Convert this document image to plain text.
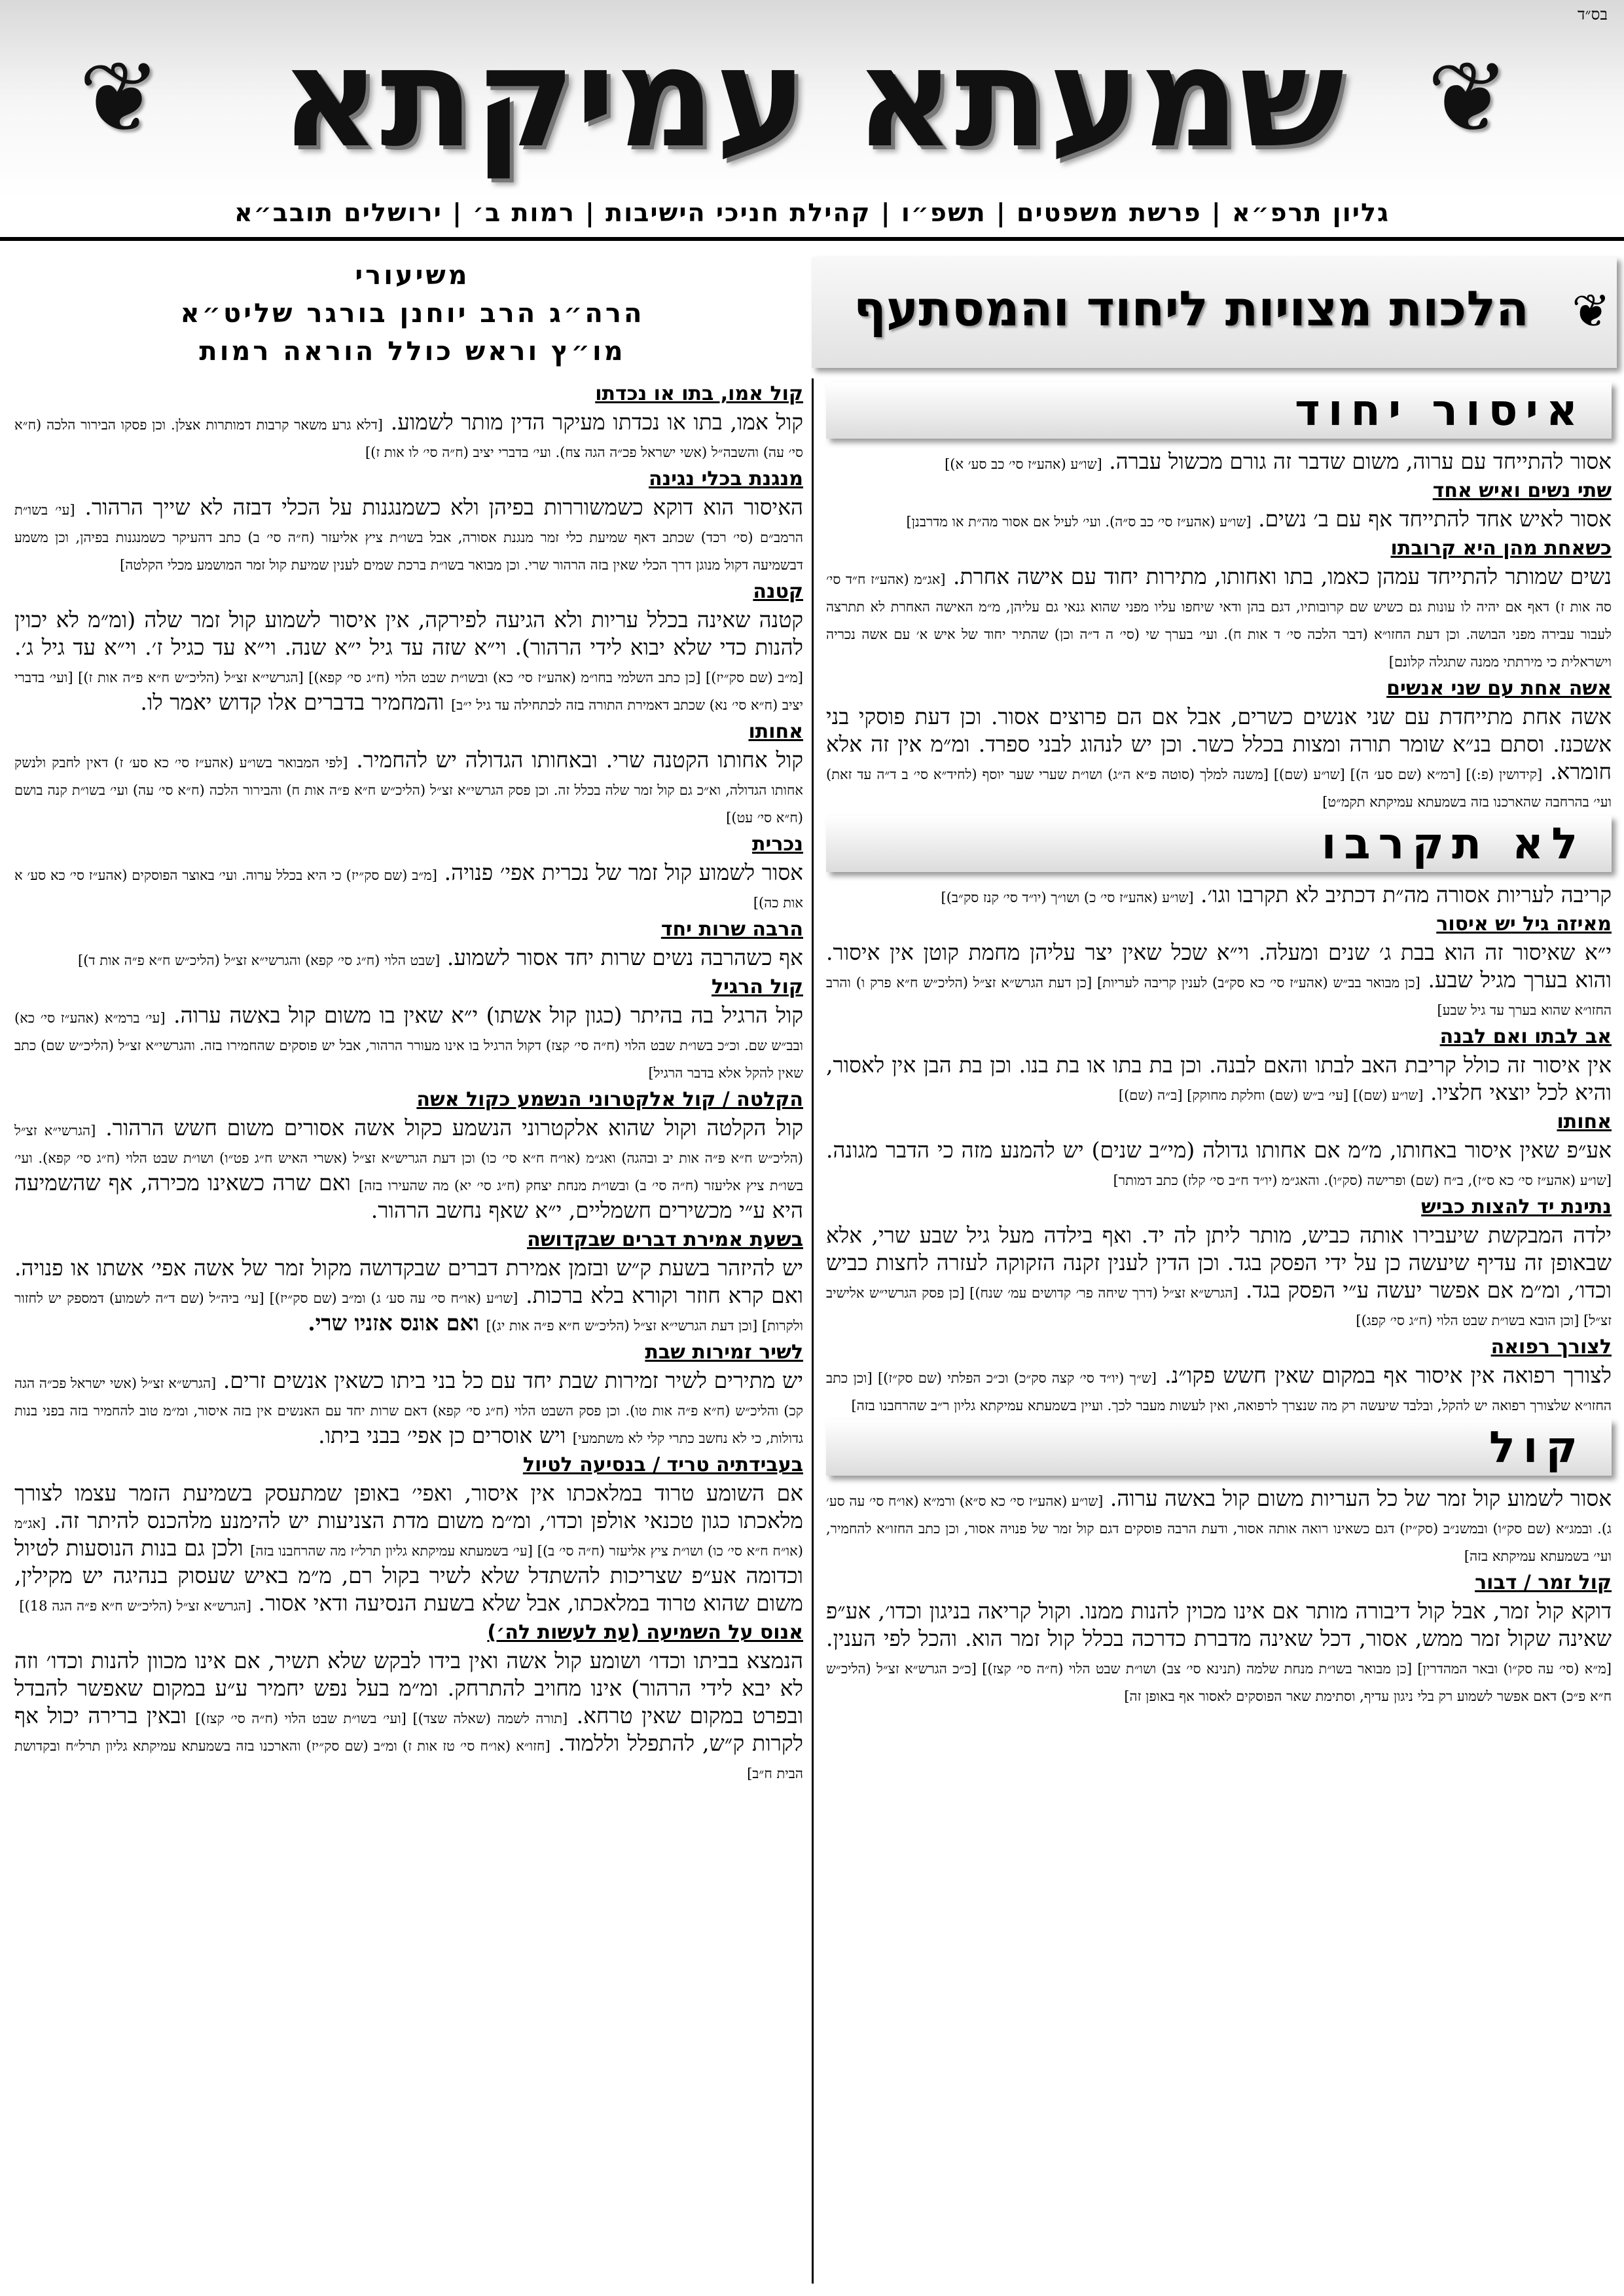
בס״ד
❦
שמעתא עמיקתא
❦
גליון תרפ״א | פרשת משפטים | תשפ״ו | קהילת חניכי הישיבות | רמות ב׳ | ירושלים תובב״א
❦
הלכות מצויות ליחוד והמסתעף
משיעורי
הרה״ג הרב יוחנן בורגר שליט״א
מו״ץ וראש כולל הוראה רמות
איסור יחוד

אסור להתייחד עם ערוה, משום שדבר זה גורם מכשול עברה. [שו״ע (אהע״ז סי׳ כב סע׳ א)]

שתי נשים ואיש אחד

אסור לאיש אחד להתייחד אף עם ב׳ נשים. [שו״ע (אהע״ז סי׳ כב ס״ה). ועי׳ לעיל אם אסור מה״ת או מדרבנן]

כשאחת מהן היא קרובתו

נשים שמותר להתייחד עמהן כאמו, בתו ואחותו, מתירות יחוד עם אישה אחרת. [אג״מ (אהע״ז ח״ד סי׳ סה אות ז) דאף אם יהיה לו עונות גם כשיש שם קרובותיו, דגם בהן ודאי שיחפו עליו מפני שהוא גנאי גם עליהן, מ״מ האישה האחרת לא תתרצה לעבור עבירה מפני הבושה. וכן דעת החזו״א (דבר הלכה סי׳ ד אות ח). ועי׳ בערך שי (סי׳ ה ד״ה וכן) שהתיר יחוד של איש א׳ עם אשה נכריה וישראלית כי מירתתי ממנה שתגלה קלונם]

אשה אחת עם שני אנשים

אשה אחת מתייחדת עם שני אנשים כשרים, אבל אם הם פרוצים אסור. וכן דעת פוסקי בני אשכנז. וסתם בנ״א שומר תורה ומצות בכלל כשר. וכן יש לנהוג לבני ספרד. ומ״מ אין זה אלא חומרא. [קידושין (פ:)] [רמ״א (שם סע׳ ה)] [שו״ע (שם)] [משנה למלך (סוטה פ״א ה״ג) ושו״ת שערי שער יוסף (לחיד״א סי׳ ב ד״ה עד זאת) ועי׳ בהרחבה שהארכנו בזה בשמעתא עמיקתא תקמ״ט]

לא תקרבו

קריבה לעריות אסורה מה״ת דכתיב לא תקרבו וגו׳. [שו״ע (אהע״ז סי׳ כ) ושו״ך (יו״ד סי׳ קנז סק״ב)]

מאיזה גיל יש איסור

י״א שאיסור זה הוא בבת ג׳ שנים ומעלה. וי״א שכל שאין יצר עליהן מחמת קוטן אין איסור. והוא בערך מגיל שבע. [כן מבואר בב״ש (אהע״ז סי׳ כא סק״ב) לענין קריבה לעריות] [כן דעת הגרש״א זצ״ל (הליכ״ש ח״א פרק ו) והרב החזו״א שהוא בערך עד גיל שבע]

אב לבתו ואם לבנה

אין איסור זה כולל קריבת האב לבתו והאם לבנה. וכן בת בתו או בת בנו. וכן בת הבן אין לאסור, והיא לכל יוצאי חלציו. [שו״ע (שם)] [עי׳ ב״ש (שם) וחלקת מחוקק] [ב״ה (שם)]

אחותו

אע״פ שאין איסור באחותו, מ״מ אם אחותו גדולה (מי״ב שנים) יש להמנע מזה כי הדבר מגונה. [שו״ע (אהע״ז סי׳ כא ס״ז), ב״ח (שם) ופרישה (סק״ו). והאג״מ (יו״ד ח״ב סי׳ קלז) כתב דמותר]

נתינת יד להצות כביש

ילדה המבקשת שיעבירו אותה כביש, מותר ליתן לה יד. ואף בילדה מעל גיל שבע שרי, אלא שבאופן זה עדיף שיעשה כן על ידי הפסק בגד. וכן הדין לענין זקנה הזקוקה לעזרה לחצות כביש וכדו׳, ומ״מ אם אפשר יעשה ע״י הפסק בגד. [הגרש״א זצ״ל (דרך שיחה פר׳ קדושים עמ׳ שנח)] [כן פסק הגרשי״ש אלישיב זצ״ל] [וכן הובא בשו״ת שבט הלוי (ח״ג סי׳ קפג)]

לצורך רפואה

לצורך רפואה אין איסור אף במקום שאין חשש פקו״נ. [ש״ך (יו״ד סי׳ קצה סק״כ) וכ״כ הפלתי (שם סק״ז)] [וכן כתב החזו״א שלצורך רפואה יש להקל, ובלבד שיעשה רק מה שנצרך לרפואה, ואין לעשות מעבר לכך. ועיין בשמעתא עמיקתא גליון ר״ב שהרחבנו בזה]

קול

אסור לשמוע קול זמר של כל העריות משום קול באשה ערוה. [שו״ע (אהע״ז סי׳ כא ס״א) ורמ״א (או״ח סי׳ עה סע׳ ג). ובמג״א (שם סק״ו) ובמשנ״ב (סק״יז) דגם כשאינו רואה אותה אסור, ודעת הרבה פוסקים דגם קול זמר של פנויה אסור, וכן כתב החזו״א להחמיר, ועי׳ בשמעתא עמיקתא בזה]

קול זמר / דבור

דוקא קול זמר, אבל קול דיבורה מותר אם אינו מכוין להנות ממנו. וקול קריאה בניגון וכדו׳, אע״פ שאינה שקול זמר ממש, אסור, דכל שאינה מדברת כדרכה בכלל קול זמר הוא. והכל לפי הענין. [מ״א (סי׳ עה סק״ו) ובאר המהדרין] [כן מבואר בשו״ת מנחת שלמה (תנינא סי׳ צב) ושו״ת שבט הלוי (ח״ה סי׳ קצז)] [כ״כ הגרש״א זצ״ל (הליכ״ש ח״א פ״כ) דאם אפשר לשמוע רק בלי ניגון עדיף, וסתימת שאר הפוסקים לאסור אף באופן זה]

קול אמו, בתו או נכדתו

קול אמו, בתו או נכדתו מעיקר הדין מותר לשמוע. [דלא גרע משאר קרבות דמותרות אצלן. וכן פסקו הבירור הלכה (ח״א סי׳ עה) והשבה״ל (אשי ישראל פכ״ה הגה צח). ועי׳ בדברי יציב (ח״ה סי׳ לו אות ז)]

מנגנת בכלי נגינה

האיסור הוא דוקא כשמשוררות בפיהן ולא כשמנגנות על הכלי דבזה לא שייך הרהור. [עי׳ בשו״ת הרמב״ם (סי׳ רכד) שכתב דאף שמיעת כלי זמר מנגנת אסורה, אבל בשו״ת ציץ אליעזר (ח״ה סי׳ ב) כתב דהעיקר כשמנגנות בפיהן, וכן משמע דבשמיעה דקול מנוגן דרך הכלי שאין בזה הרהור שרי. וכן מבואר בשו״ת ברכת שמים לענין שמיעת קול זמר המושמע מכלי הקלטה]

קטנה

קטנה שאינה בכלל עריות ולא הגיעה לפירקה, אין איסור לשמוע קול זמר שלה (ומ״מ לא יכוין להנות כדי שלא יבוא לידי הרהור). וי״א שזה עד גיל י״א שנה. וי״א עד כגיל ז׳. וי״א עד גיל ג׳. [מ״ב (שם סק״יז)] [כן כתב השלמי בחו״מ (אהע״ז סי׳ כא) ובשו״ת שבט הלוי (ח״ג סי׳ קפא)] [הגרשי״א זצ״ל (הליכ״ש ח״א פ״ה אות ז)] [ועי׳ בדברי יציב (ח״א סי׳ נא) שכתב דאמירת התורה בזה לכתחילה עד גיל י״ב] והמחמיר בדברים אלו קדוש יאמר לו.

אחותו

קול אחותו הקטנה שרי. ובאחותו הגדולה יש להחמיר. [לפי המבואר בשו״ע (אהע״ז סי׳ כא סע׳ ז) דאין לחבק ולנשק אחותו הגדולה, וא״כ גם קול זמר שלה בכלל זה. וכן פסק הגרשי״א זצ״ל (הליכ״ש ח״א פ״ה אות ח) והבירור הלכה (ח״א סי׳ עה) ועי׳ בשו״ת קנה בושם (ח״א סי׳ עט)]

נכרית

אסור לשמוע קול זמר של נכרית אפי׳ פנויה. [מ״ב (שם סק״יז) כי היא בכלל ערוה. ועי׳ באוצר הפוסקים (אהע״ז סי׳ כא סע׳ א אות כה)]

הרבה שרות יחד

אף כשהרבה נשים שרות יחד אסור לשמוע. [שבט הלוי (ח״ג סי׳ קפא) והגרשי״א זצ״ל (הליכ״ש ח״א פ״ה אות ד)]

קול הרגיל

קול הרגיל בה בהיתר (כגון קול אשתו) י״א שאין בו משום קול באשה ערוה. [עי׳ ברמ״א (אהע״ז סי׳ כא) ובב״ש שם. וכ״כ בשו״ת שבט הלוי (ח״ה סי׳ קצז) דקול הרגיל בו אינו מעורר הרהור, אבל יש פוסקים שהחמירו בזה. והגרשי״א זצ״ל (הליכ״ש שם) כתב שאין להקל אלא בדבר הרגיל]

הקלטה / קול אלקטרוני הנשמע כקול אשה

קול הקלטה וקול שהוא אלקטרוני הנשמע כקול אשה אסורים משום חשש הרהור. [הגרשי״א זצ״ל (הליכ״ש ח״א פ״ה אות יב ובהגה) ואג״מ (או״ח ח״א סי׳ כו) וכן דעת הגריש״א זצ״ל (אשרי האיש ח״ג פט״ו) ושו״ת שבט הלוי (ח״ג סי׳ קפא). ועי׳ בשו״ת ציץ אליעזר (ח״ה סי׳ ב) ובשו״ת מנחת יצחק (ח״ג סי׳ יא) מה שהעירו בזה] ואם שרה כשאינו מכירה, אף שהשמיעה היא ע״י מכשירים חשמליים, י״א שאף נחשב הרהור.

בשעת אמירת דברים שבקדושה

יש להיזהר בשעת ק״ש ובזמן אמירת דברים שבקדושה מקול זמר של אשה אפי׳ אשתו או פנויה. ואם קרא חוזר וקורא בלא ברכות. [שו״ע (או״ח סי׳ עה סע׳ ג) ומ״ב (שם סק״יז)] [עי׳ ביה״ל (שם ד״ה לשמוע) דמספק יש לחזור ולקרות] [וכן דעת הגרשי״א זצ״ל (הליכ״ש ח״א פ״ה אות יג)] ואם אונס אזניו שרי.

לשיר זמירות שבת

יש מתירים לשיר זמירות שבת יחד עם כל בני ביתו כשאין אנשים זרים. [הגרש״א זצ״ל (אשי ישראל פכ״ה הגה קכ) והליכ״ש (ח״א פ״ה אות טו). וכן פסק השבט הלוי (ח״ג סי׳ קפא) דאם שרות יחד עם האנשים אין בזה איסור, ומ״מ טוב להחמיר בזה בפני בנות גדולות, כי לא נחשב כתרי קלי לא משתמעי] ויש אוסרים כן אפי׳ בבני ביתו.

בעבידתיה טריד / בנסיעה לטיול

אם השומע טרוד במלאכתו אין איסור, ואפי׳ באופן שמתעסק בשמיעת הזמר עצמו לצורך מלאכתו כגון טכנאי אולפן וכדו׳, ומ״מ משום מדת הצניעות יש להימנע מלהכנס להיתר זה. [אג״מ (או״ח ח״א סי׳ כו) ושו״ת ציץ אליעזר (ח״ה סי׳ ב)] [עי׳ בשמעתא עמיקתא גליון תרל״ז מה שהרחבנו בזה] ולכן גם בנות הנוסעות לטיול וכדומה אע״פ שצריכות להשתדל שלא לשיר בקול רם, מ״מ באיש שעסוק בנהיגה יש מקילין, משום שהוא טרוד במלאכתו, אבל שלא בשעת הנסיעה ודאי אסור. [הגרש״א זצ״ל (הליכ״ש ח״א פ״ה הגה 18)]

אנוס על השמיעה (עת לעשות לה׳)

הנמצא בביתו וכדו׳ ושומע קול אשה ואין בידו לבקש שלא תשיר, אם אינו מכוון להנות וכדו׳ וזה לא יבא לידי הרהור) אינו מחויב להתרחק. ומ״מ בעל נפש יחמיר ע״ע במקום שאפשר להבדל ובפרט במקום שאין טרחא. [תורה לשמה (שאלה שצד)] [ועי׳ בשו״ת שבט הלוי (ח״ה סי׳ קצז)] ובאין ברירה יכול אף לקרות ק״ש, להתפלל וללמוד. [חזו״א (או״ח סי׳ טז אות ז) ומ״ב (שם סק״יז) והארכנו בזה בשמעתא עמיקתא גליון תרל״ח ובקדושת הבית ח״ב]
